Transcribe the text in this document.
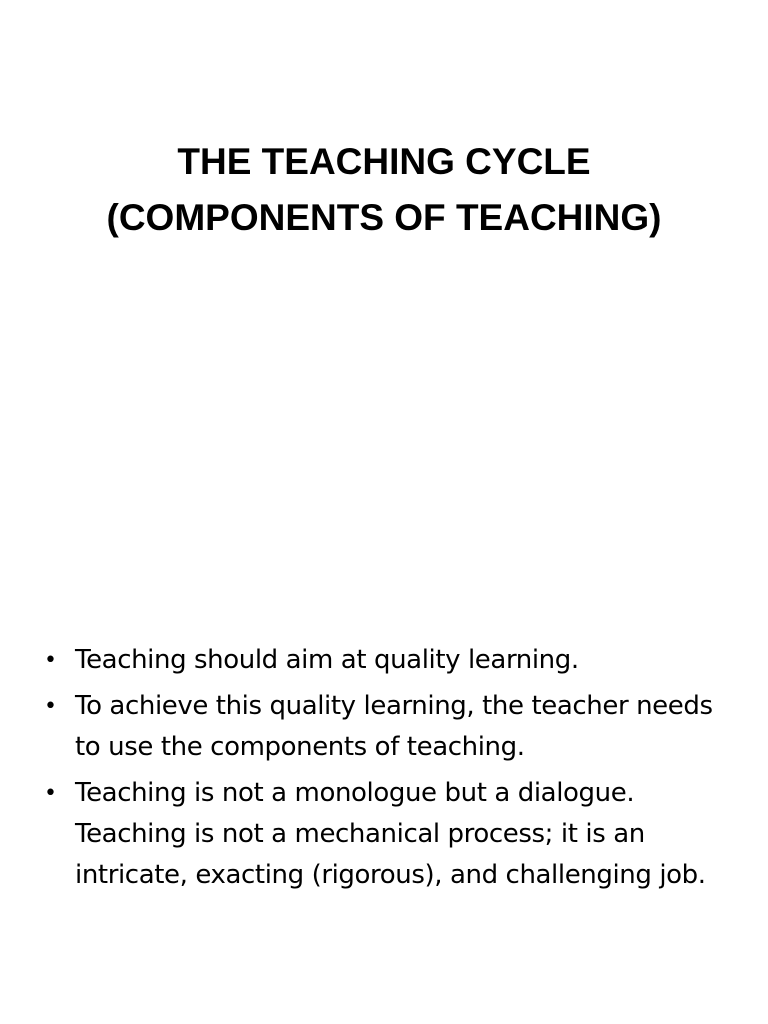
THE TEACHING CYCLE
(COMPONENTS OF TEACHING)
• Teaching should aim at quality learning.
• To achieve this quality learning, the teacher needs to use the components of teaching.
• Teaching is not a monologue but a dialogue. Teaching is not a mechanical process; it is an intricate, exacting (rigorous), and challenging job.
